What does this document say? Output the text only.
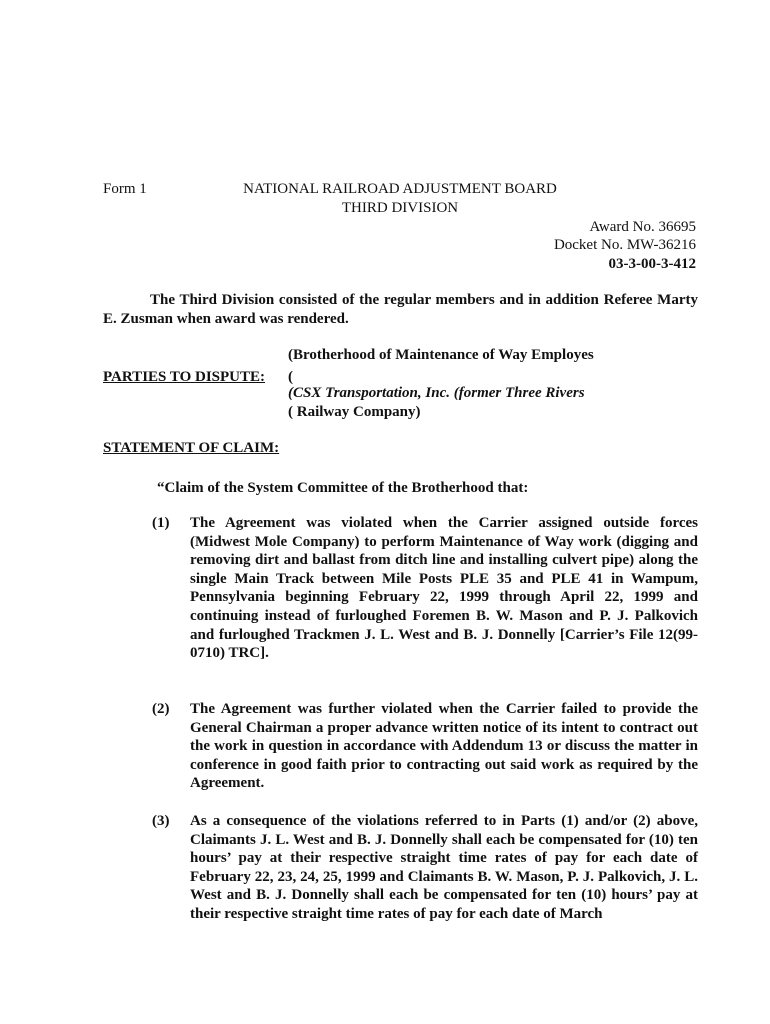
Form 1	NATIONAL RAILROAD ADJUSTMENT BOARD
THIRD DIVISION
Award No. 36695
Docket No. MW-36216
03-3-00-3-412
The Third Division consisted of the regular members and in addition Referee Marty E. Zusman when award was rendered.
(Brotherhood of Maintenance of Way Employes
PARTIES TO DISPUTE: (
(CSX Transportation, Inc. (former Three Rivers
( Railway Company)
STATEMENT OF CLAIM:
“Claim of the System Committee of the Brotherhood that:
(1)	The Agreement was violated when the Carrier assigned outside forces (Midwest Mole Company) to perform Maintenance of Way work (digging and removing dirt and ballast from ditch line and installing culvert pipe) along the single Main Track between Mile Posts PLE 35 and PLE 41 in Wampum, Pennsylvania beginning February 22, 1999 through April 22, 1999 and continuing instead of furloughed Foremen B. W. Mason and P. J. Palkovich and furloughed Trackmen J. L. West and B. J. Donnelly [Carrier’s File 12(99-0710) TRC].
(2)	The Agreement was further violated when the Carrier failed to provide the General Chairman a proper advance written notice of its intent to contract out the work in question in accordance with Addendum 13 or discuss the matter in conference in good faith prior to contracting out said work as required by the Agreement.
(3)	As a consequence of the violations referred to in Parts (1) and/or (2) above, Claimants J. L. West and B. J. Donnelly shall each be compensated for (10) ten hours’ pay at their respective straight time rates of pay for each date of February 22, 23, 24, 25, 1999 and Claimants B. W. Mason, P. J. Palkovich, J. L. West and B. J. Donnelly shall each be compensated for ten (10) hours’ pay at their respective straight time rates of pay for each date of March
